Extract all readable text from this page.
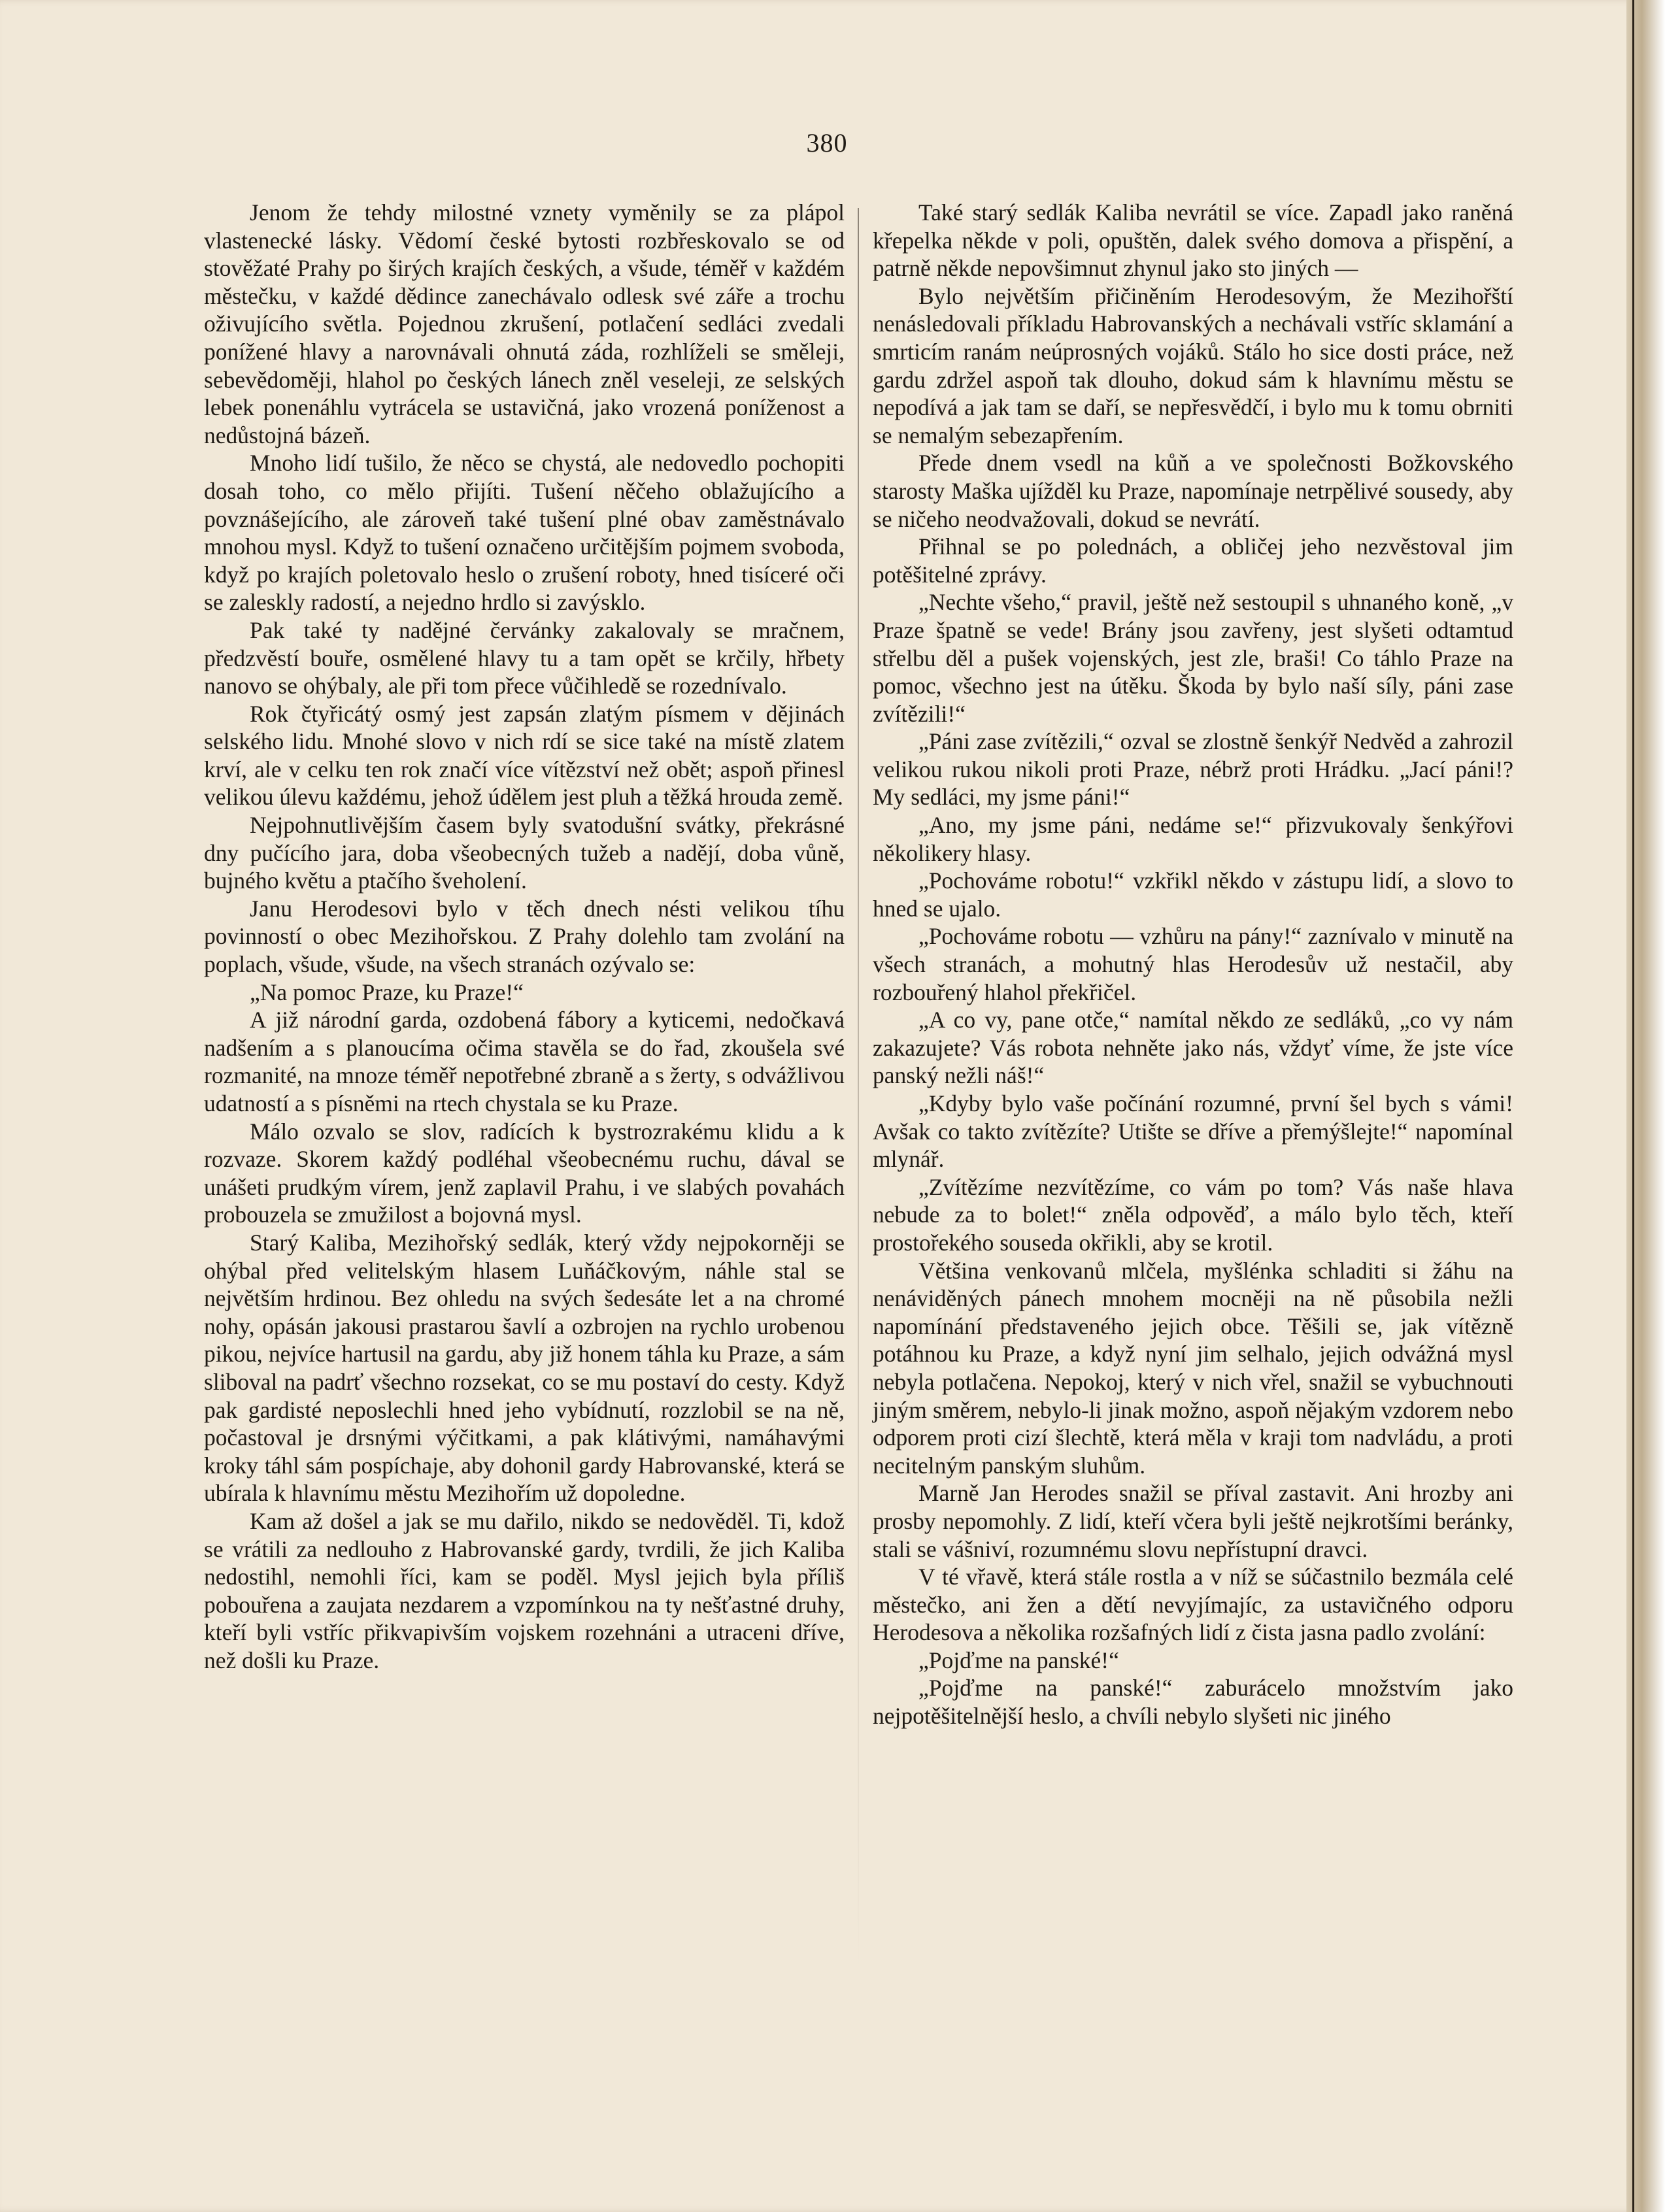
380

Jenom že tehdy milostné vznety vyměnily se za plápol vlastenecké lásky. Vědomí české bytosti rozbřeskovalo se od stověžaté Prahy po širých krajích českých, a všude, téměř v každém městečku, v každé dědince zanechávalo odlesk své záře a trochu oživujícího světla. Pojednou zkrušení, potlačení sedláci zvedali ponížené hlavy a narovnávali ohnutá záda, rozhlíželi se směleji, sebevědoměji, hlahol po českých lánech zněl veseleji, ze selských lebek ponenáhlu vytrácela se ustavičná, jako vrozená poníženost a nedůstojná bázeň.

Mnoho lidí tušilo, že něco se chystá, ale nedovedlo pochopiti dosah toho, co mělo přijíti. Tušení něčeho oblažujícího a povznášejícího, ale zároveň také tušení plné obav zaměstnávalo mnohou mysl. Když to tušení označeno určitějším pojmem svoboda, když po krajích poletovalo heslo o zrušení roboty, hned tisíceré oči se zaleskly radostí, a nejedno hrdlo si zavýsklo.

Pak také ty nadějné červánky zakalovaly se mračnem, předzvěstí bouře, osmělené hlavy tu a tam opět se krčily, hřbety nanovo se ohýbaly, ale při tom přece vůčihledě se rozednívalo.

Rok čtyřicátý osmý jest zapsán zlatým písmem v dějinách selského lidu. Mnohé slovo v nich rdí se sice také na místě zlatem krví, ale v celku ten rok značí více vítězství než obět; aspoň přinesl velikou úlevu každému, jehož údělem jest pluh a těžká hrouda země.

Nejpohnutlivějším časem byly svatodušní svátky, překrásné dny pučícího jara, doba všeobecných tužeb a nadějí, doba vůně, bujného květu a ptačího šveholení.

Janu Herodesovi bylo v těch dnech nésti velikou tíhu povinností o obec Mezihořskou. Z Prahy dolehlo tam zvolání na poplach, všude, všude, na všech stranách ozývalo se:

„Na pomoc Praze, ku Praze!“

A již národní garda, ozdobená fábory a kyticemi, nedočkavá nadšením a s planoucíma očima stavěla se do řad, zkoušela své rozmanité, na mnoze téměř nepotřebné zbraně a s žerty, s odvážlivou udatností a s písněmi na rtech chystala se ku Praze.

Málo ozvalo se slov, radících k bystrozrakému klidu a k rozvaze. Skorem každý podléhal všeobecnému ruchu, dával se unášeti prudkým vírem, jenž zaplavil Prahu, i ve slabých povahách probouzela se zmužilost a bojovná mysl.

Starý Kaliba, Mezihořský sedlák, který vždy nejpokorněji se ohýbal před velitelským hlasem Luňáčkovým, náhle stal se největším hrdinou. Bez ohledu na svých šedesáte let a na chromé nohy, opásán jakousi prastarou šavlí a ozbrojen na rychlo urobenou pikou, nejvíce hartusil na gardu, aby již honem táhla ku Praze, a sám sliboval na padrť všechno rozsekat, co se mu postaví do cesty. Když pak gardisté neposlechli hned jeho vybídnutí, rozzlobil se na ně, počastoval je drsnými výčitkami, a pak klátivými, namáhavými kroky táhl sám pospíchaje, aby dohonil gardy Habrovanské, která se ubírala k hlavnímu městu Mezihořím už dopoledne.

Kam až došel a jak se mu dařilo, nikdo se nedověděl. Ti, kdož se vrátili za nedlouho z Habrovanské gardy, tvrdili, že jich Kaliba nedostihl, nemohli říci, kam se poděl. Mysl jejich byla příliš pobouřena a zaujata nezdarem a vzpomínkou na ty nešťastné druhy, kteří byli vstříc přikvapivším vojskem rozehnáni a utraceni dříve, než došli ku Praze.

Také starý sedlák Kaliba nevrátil se více. Zapadl jako raněná křepelka někde v poli, opuštěn, dalek svého domova a přispění, a patrně někde nepovšimnut zhynul jako sto jiných —

Bylo největším přičiněním Herodesovým, že Mezihořští nenásledovali příkladu Habrovanských a nechávali vstříc sklamání a smrticím ranám neúprosných vojáků. Stálo ho sice dosti práce, než gardu zdržel aspoň tak dlouho, dokud sám k hlavnímu městu se nepodívá a jak tam se daří, se nepřesvědčí, i bylo mu k tomu obrniti se nemalým sebezapřením.

Předе dnem vsedl na kůň a ve společnosti Božkovského starosty Maška ujížděl ku Praze, napomínaje netrpělivé sousedy, aby se ničeho neodvažovali, dokud se nevrátí.

Přihnal se po polednách, a obličej jeho nezvěstoval jim potěšitelné zprávy.

„Nechte všeho,“ pravil, ještě než sestoupil s uhnaného koně, „v Praze špatně se vede! Brány jsou zavřeny, jest slyšeti odtamtud střelbu děl a pušek vojenských, jest zle, braši! Co táhlo Praze na pomoc, všechno jest na útěku. Škoda by bylo naší síly, páni zase zvítězili!“

„Páni zase zvítězili,“ ozval se zlostně šenkýř Nedvěd a zahrozil velikou rukou nikoli proti Praze, nébrž proti Hrádku. „Jací páni!? My sedláci, my jsme páni!“

„Ano, my jsme páni, nedáme se!“ přizvukovaly šenkýřovi několikery hlasy.

„Pochováme robotu!“ vzkřikl někdo v zástupu lidí, a slovo to hned se ujalo.

„Pochováme robotu — vzhůru na pány!“ zaznívalo v minutě na všech stranách, a mohutný hlas Herodesův už nestačil, aby rozbouřený hlahol překřičel.

„A co vy, pane otče,“ namítal někdo ze sedláků, „co vy nám zakazujete? Vás robota nehněte jako nás, vždyť víme, že jste více panský nežli náš!“

„Kdyby bylo vaše počínání rozumné, první šel bych s vámi! Avšak co takto zvítězíte? Utište se dříve a přemýšlejte!“ napomínal mlynář.

„Zvítězíme nezvítězíme, co vám po tom? Vás naše hlava nebude za to bolet!“ zněla odpověď, a málo bylo těch, kteří prostořekého souseda okřikli, aby se krotil.

Většina venkovanů mlčela, myšlénka schladiti si žáhu na nenáviděných pánech mnohem mocněji na ně působila nežli napomínání představeného jejich obce. Těšili se, jak vítězně potáhnou ku Praze, a když nyní jim selhalo, jejich odvážná mysl nebyla potlačena. Nepokoj, který v nich vřel, snažil se vybuchnouti jiným směrem, nebylo-li jinak možno, aspoň nějakým vzdorem nebo odporem proti cizí šlechtě, která měla v kraji tom nadvládu, a proti necitelným panským sluhům.

Marně Jan Herodes snažil se příval zastavit. Ani hrozby ani prosby nepomohly. Z lidí, kteří včera byli ještě nejkrotšími beránky, stali se vášniví, rozumnému slovu nepřístupní dravci.

V té vřavě, která stále rostla a v níž se súčastnilo bezmála celé městečko, ani žen a dětí nevyjímajíc, za ustavičného odporu Herodesova a několika rozšafných lidí z čista jasna padlo zvolání:

„Pojďme na panské!“

„Pojďme na panské!“ zaburácelo množstvím jako nejpotěšitelnější heslo, a chvíli nebylo slyšeti nic jiného
